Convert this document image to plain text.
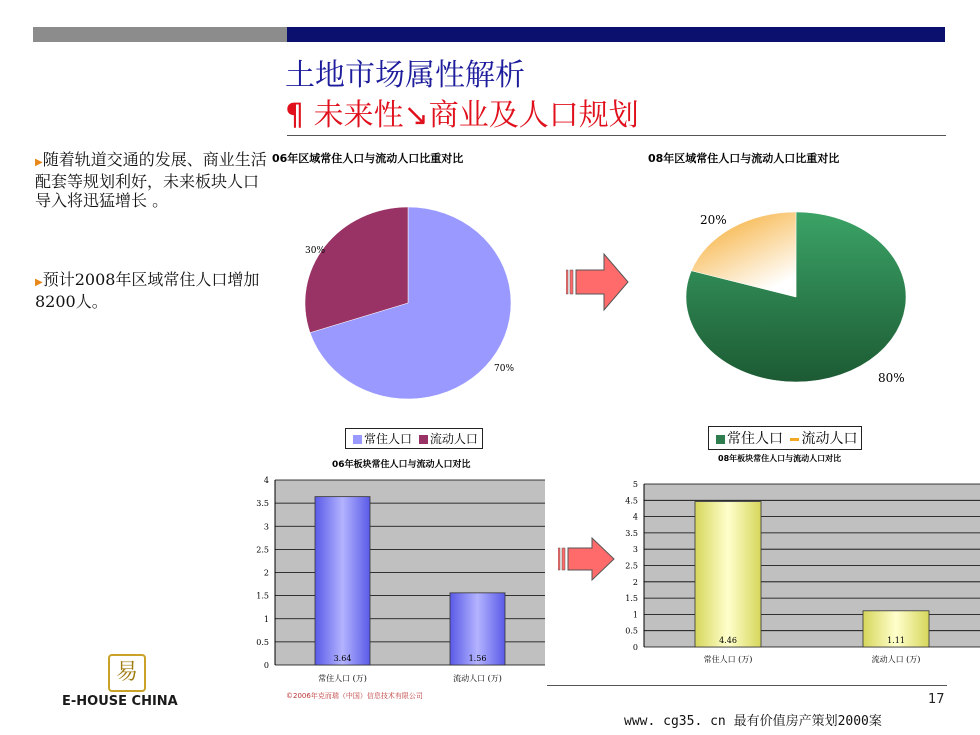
土地市场属性解析
¶ 未来性↘商业及人口规划
▶随着轨道交通的发展、商业生活配套等规划利好，未来板块人口导入将迅猛增长 。
▶预计2008年区域常住人口增加8200人。
06年区域常住人口与流动人口比重对比	08年区域常住人口与流动人口比重对比
30%
70%
20%
80%
常住人口 流动人口	常住人口 流动人口
06年板块常住人口与流动人口对比
08年板块常住人口与流动人口对比
0
0.5
1
1.5
2
2.5
3
3.5
4
3.64
常住人口 (万)
1.56
流动人口 (万)
0
0.5
1
1.5
2
2.5
3
3.5
4
4.5
5
4.46
常住人口 (万)
1.11
流动人口 (万)
易
E-HOUSE CHINA	©2006年克而瑞（中国）信息技术有限公司	17
www. cg35. cn 最有价值房产策划2000案
